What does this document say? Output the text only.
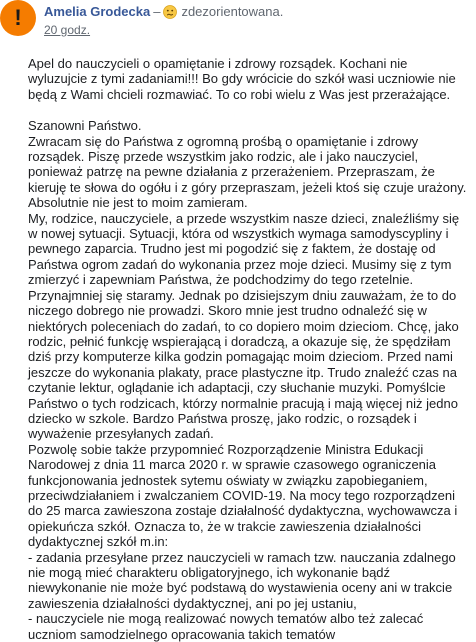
! Amelia Grodecka – zdezorientowana.
20 godz.

Apel do nauczycieli o opamiętanie i zdrowy rozsądek. Kochani nie wyluzujcie z tymi zadaniami!!! Bo gdy wrócicie do szkół wasi uczniowie nie będą z Wami chcieli rozmawiać. To co robi wielu z Was jest przerażające.

Szanowni Państwo.
Zwracam się do Państwa z ogromną prośbą o opamiętanie i zdrowy rozsądek. Piszę przede wszystkim jako rodzic, ale i jako nauczyciel, ponieważ patrzę na pewne działania z przerażeniem. Przepraszam, że kieruję te słowa do ogółu i z góry przepraszam, jeżeli ktoś się czuje urażony. Absolutnie nie jest to moim zamieram.
My, rodzice, nauczyciele, a przede wszystkim nasze dzieci, znaleźliśmy się w nowej sytuacji. Sytuacji, która od wszystkich wymaga samodyscypliny i pewnego zaparcia. Trudno jest mi pogodzić się z faktem, że dostaję od Państwa ogrom zadań do wykonania przez moje dzieci. Musimy się z tym zmierzyć i zapewniam Państwa, że podchodzimy do tego rzetelnie. Przynajmniej się staramy. Jednak po dzisiejszym dniu zauważam, że to do niczego dobrego nie prowadzi. Skoro mnie jest trudno odnaleźć się w niektórych poleceniach do zadań, to co dopiero moim dzieciom. Chcę, jako rodzic, pełnić funkcję wspierającą i doradczą, a okazuje się, że spędziłam dziś przy komputerze kilka godzin pomagając moim dzieciom. Przed nami jeszcze do wykonania plakaty, prace plastyczne itp. Trudo znaleźć czas na czytanie lektur, oglądanie ich adaptacji, czy słuchanie muzyki. Pomyślcie Państwo o tych rodzicach, którzy normalnie pracują i mają więcej niż jedno dziecko w szkole. Bardzo Państwa proszę, jako rodzic, o rozsądek i wyważenie przesyłanych zadań.
Pozwolę sobie także przypomnieć Rozporządzenie Ministra Edukacji Narodowej z dnia 11 marca 2020 r. w sprawie czasowego ograniczenia funkcjonowania jednostek sytemu oświaty w związku zapobieganiem, przeciwdziałaniem i zwalczaniem COVID-19. Na mocy tego rozporządzeni do 25 marca zawieszona zostaje działalność dydaktyczna, wychowawcza i opiekuńcza szkół. Oznacza to, że w trakcie zawieszenia działalności dydaktycznej szkół m.in:
- zadania przesyłane przez nauczycieli w ramach tzw. nauczania zdalnego nie mogą mieć charakteru obligatoryjnego, ich wykonanie bądź niewykonanie nie może być podstawą do wystawienia oceny ani w trakcie zawieszenia działalności dydaktycznej, ani po jej ustaniu,
- nauczyciele nie mogą realizować nowych tematów albo też zalecać uczniom samodzielnego opracowania takich tematów
